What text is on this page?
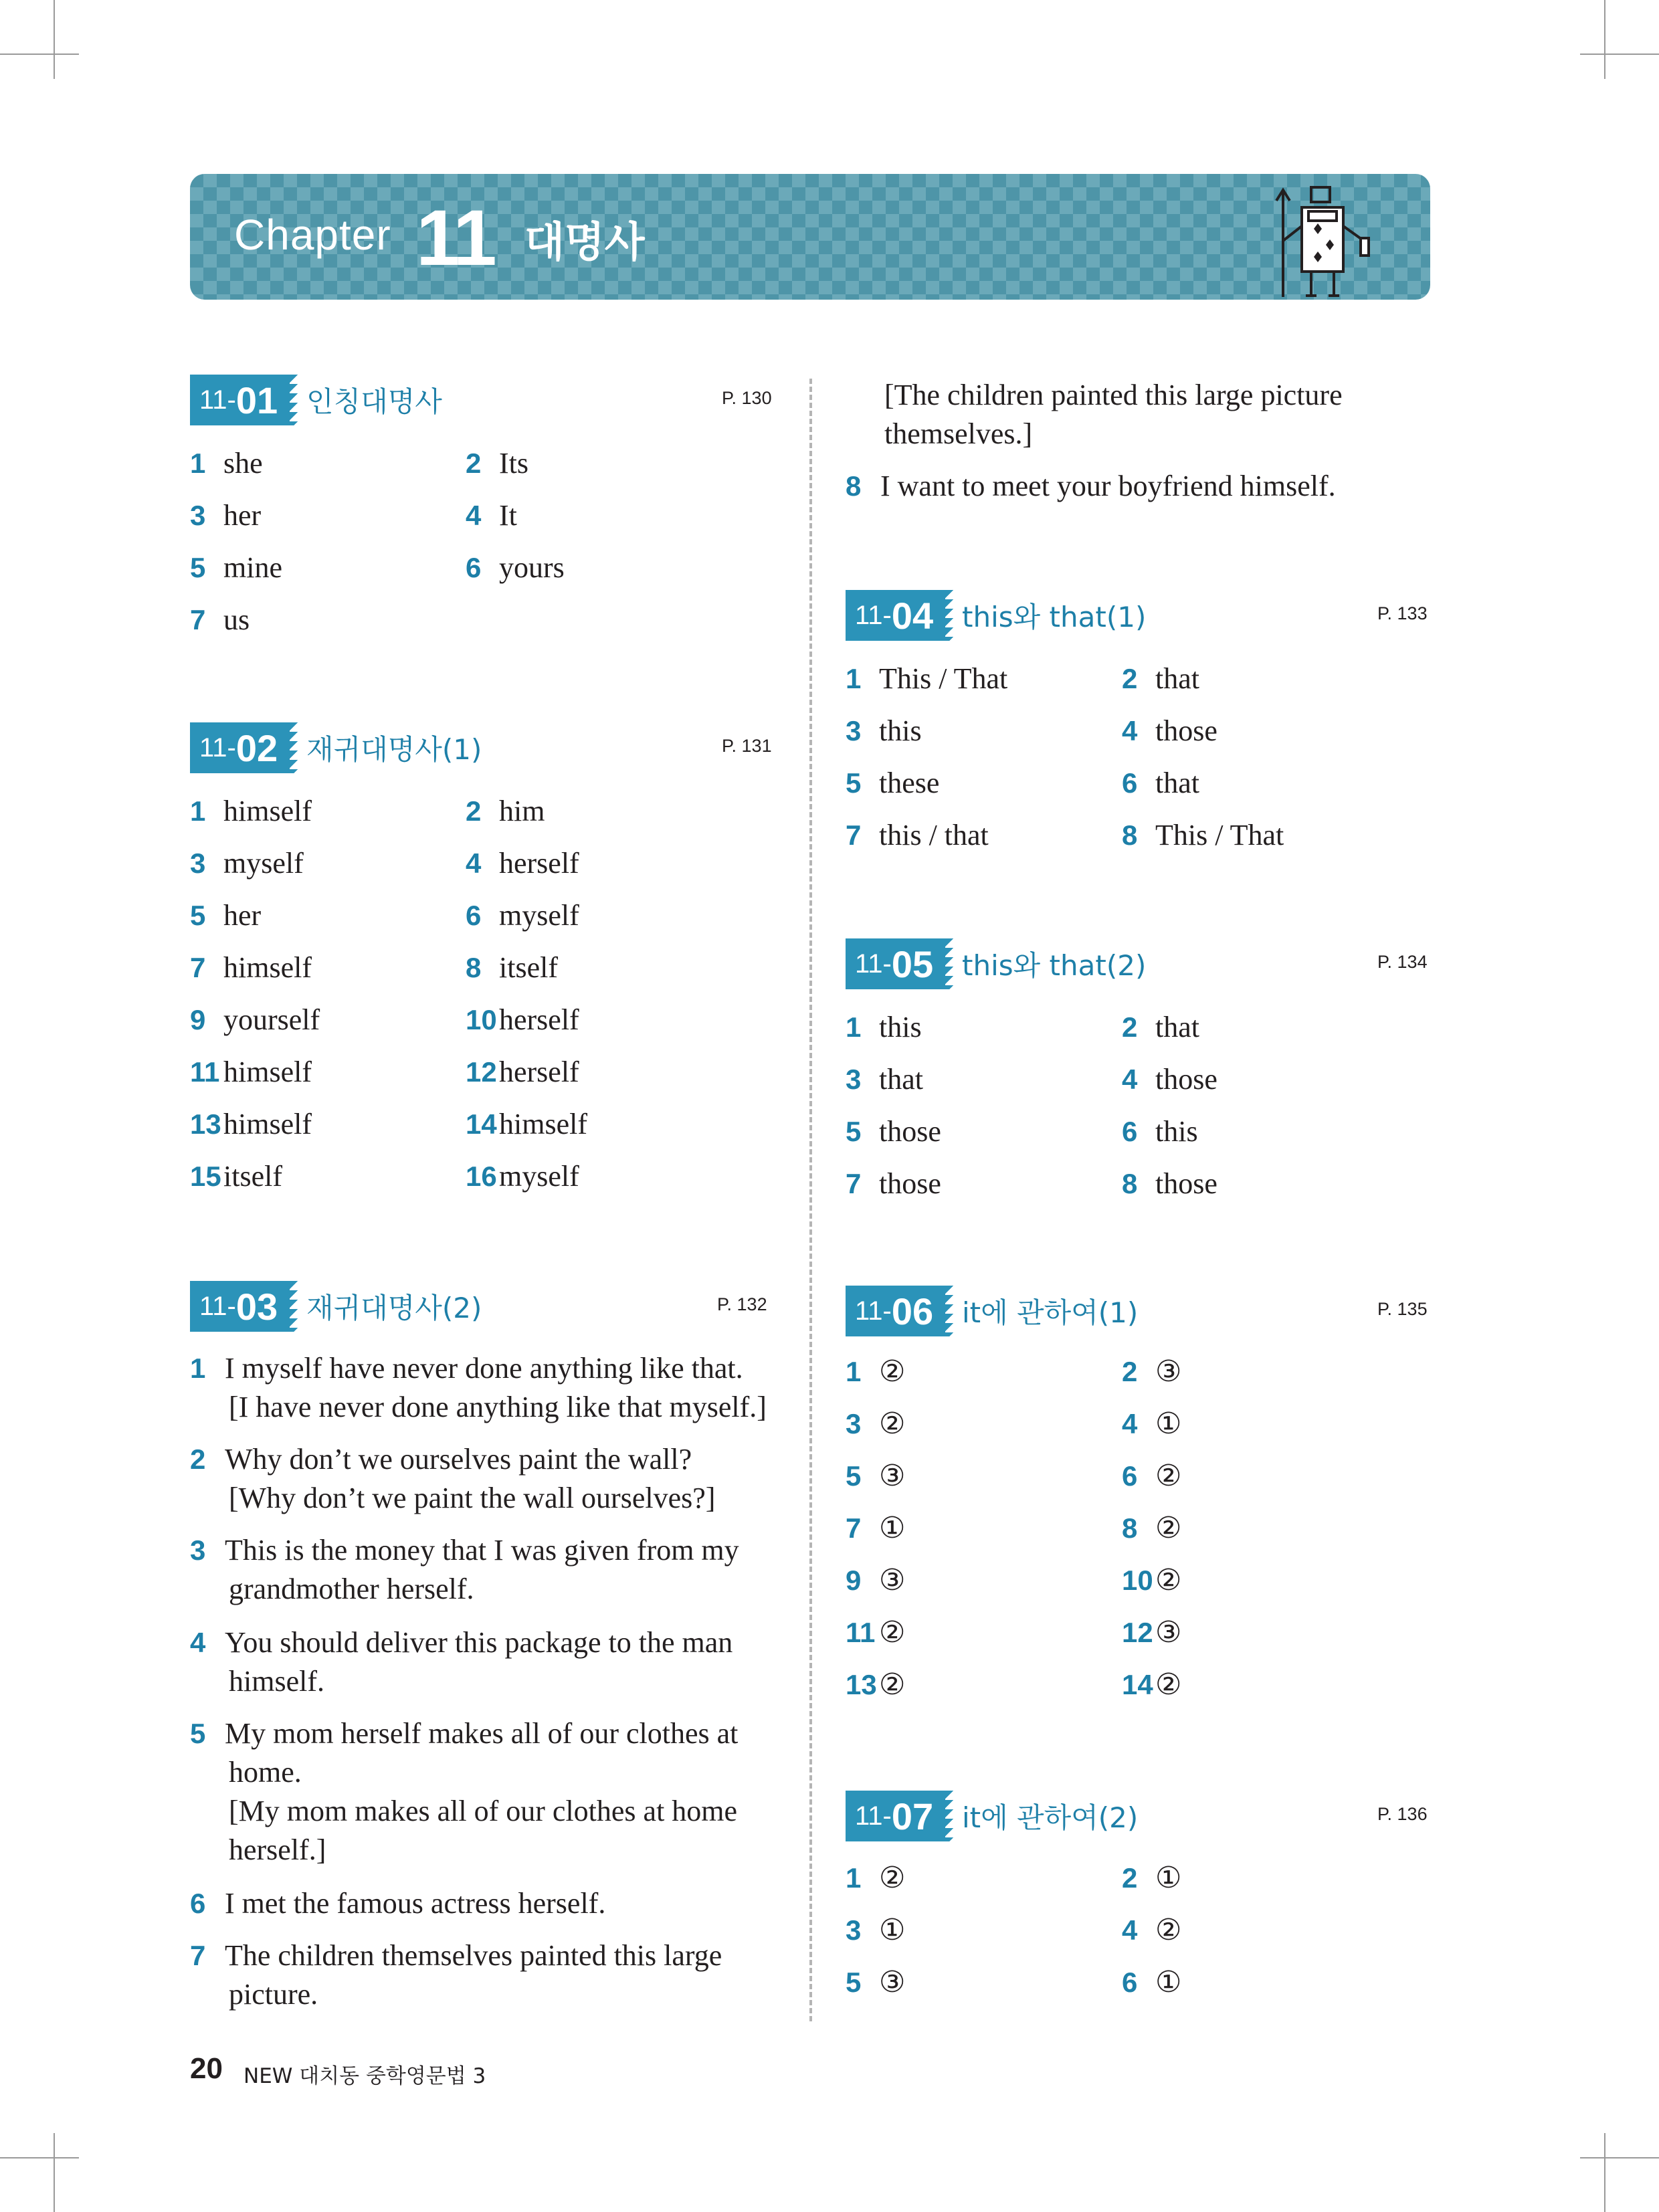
Chapter 11 대명사
11- 01 인칭대명사	P. 130
1 she	2 Its
3 her	4 It
5 mine	6 yours
7 us
11- 02 재귀대명사(1)	P. 131
1 himself	2 him
3 myself	4 herself
5 her	6 myself
7 himself	8 itself
9 yourself	10herself
11 himself	12herself
13himself	14himself
15itself	16myself
11- 03 재귀대명사(2)	P. 132
1 I myself have never done anything like that.
[I have never done anything like that myself.]
2 Why don’t we ourselves paint the wall?
[Why don’t we paint the wall ourselves?]
3 This is the money that I was given from my
grandmother herself.
4 You should deliver this package to the man
himself.
5 My mom herself makes all of our clothes at
home.
[My mom makes all of our clothes at home
herself.]
6 I met the famous actress herself.
7 The children themselves painted this large
picture.
[The children painted this large picture
themselves.]
8 I want to meet your boyfriend himself.
11- 04 this와 that(1)	P. 133
1 This / That	2 that
3 this	4 those
5 these	6 that
7 this / that	8 This / That
11- 05 this와 that(2)	P. 134
1 this	2 that
3 that	4 those
5 those	6 this
7 those	8 those
11- 06 it에 관하여(1)	P. 135
1 ②	2 ③
3 ②	4 ①
5 ③	6 ②
7 ①	8 ②
9 ③	10②
11 ②	12③
13②	14②
11- 07 it에 관하여(2)	P. 136
1 ②	2 ①
3 ①	4 ②
5 ③	6 ①
20 NEW 대치동 중학영문법 3
